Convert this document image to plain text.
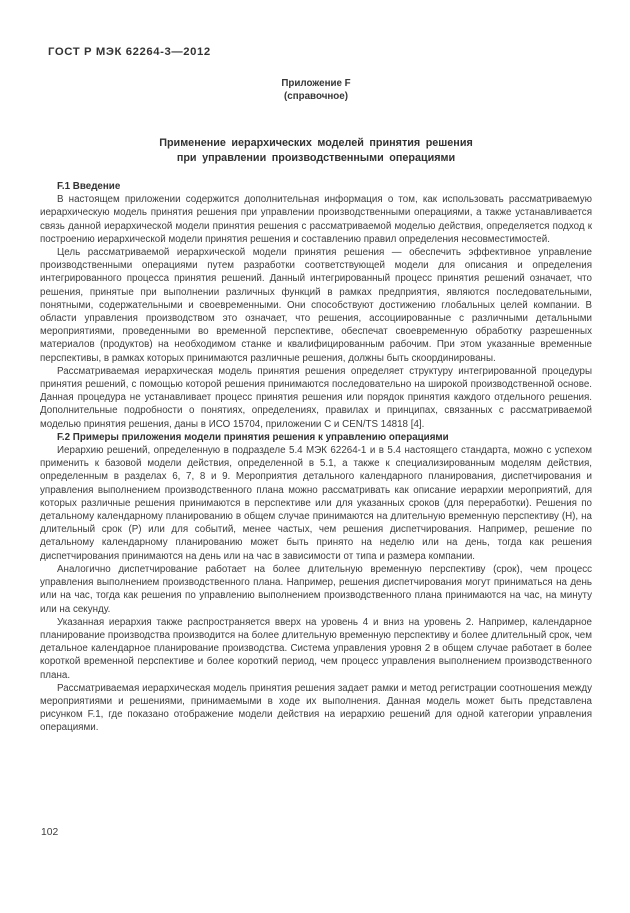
ГОСТ Р МЭК 62264-3—2012
Приложение F
(справочное)
Применение иерархических моделей принятия решения
при управлении производственными операциями

F.1 Введение

В настоящем приложении содержится дополнительная информация о том, как использовать рассматриваемую иерархическую модель принятия решения при управлении производственными операциями, а также устанавливается связь данной иерархической модели принятия решения с рассматриваемой моделью действия, определяется подход к построению иерархической модели принятия решения и составлению правил определения несовместимостей.

Цель рассматриваемой иерархической модели принятия решения — обеспечить эффективное управление производственными операциями путем разработки соответствующей модели для описания и определения интегрированного процесса принятия решений. Данный интегрированный процесс принятия решений означает, что решения, принятые при выполнении различных функций в рамках предприятия, являются последовательными, понятными, содержательными и своевременными. Они способствуют достижению глобальных целей компании. В области управления производством это означает, что решения, ассоциированные с различными детальными мероприятиями, проведенными во временной перспективе, обеспечат своевременную обработку разрешенных материалов (продуктов) на необходимом станке и квалифицированным рабочим. При этом указанные временные перспективы, в рамках которых принимаются различные решения, должны быть скоординированы.

Рассматриваемая иерархическая модель принятия решения определяет структуру интегрированной процедуры принятия решений, с помощью которой решения принимаются последовательно на широкой производственной основе. Данная процедура не устанавливает процесс принятия решения или порядок принятия каждого отдельного решения. Дополнительные подробности о понятиях, определениях, правилах и принципах, связанных с рассматриваемой моделью принятия решения, даны в ИСО 15704, приложении С и CEN/TS 14818 [4].

F.2 Примеры приложения модели принятия решения к управлению операциями

Иерархию решений, определенную в подразделе 5.4 МЭК 62264-1 и в 5.4 настоящего стандарта, можно с успехом применить к базовой модели действия, определенной в 5.1, а также к специализированным моделям действия, определенным в разделах 6, 7, 8 и 9. Мероприятия детального календарного планирования, диспетчирования и управления выполнением производственного плана можно рассматривать как описание иерархии мероприятий, для которых различные решения принимаются в перспективе или для указанных сроков (для переработки). Решения по детальному календарному планированию в общем случае принимаются на длительную временную перспективу (Н), на длительный срок (Р) или для событий, менее частых, чем решения диспетчирования. Например, решение по детальному календарному планированию может быть принято на неделю или на день, тогда как решения диспетчирования принимаются на день или на час в зависимости от типа и размера компании.

Аналогично диспетчирование работает на более длительную временную перспективу (срок), чем процесс управления выполнением производственного плана. Например, решения диспетчирования могут приниматься на день или на час, тогда как решения по управлению выполнением производственного плана принимаются на час, на минуту или на секунду.

Указанная иерархия также распространяется вверх на уровень 4 и вниз на уровень 2. Например, календарное планирование производства производится на более длительную временную перспективу и более длительный срок, чем детальное календарное планирование производства. Система управления уровня 2 в общем случае работает в более короткой временной перспективе и более короткий период, чем процесс управления выполнением производственного плана.

Рассматриваемая иерархическая модель принятия решения задает рамки и метод регистрации соотношения между мероприятиями и решениями, принимаемыми в ходе их выполнения. Данная модель может быть представлена рисунком F.1, где показано отображение модели действия на иерархию решений для одной категории управления операциями.

102
